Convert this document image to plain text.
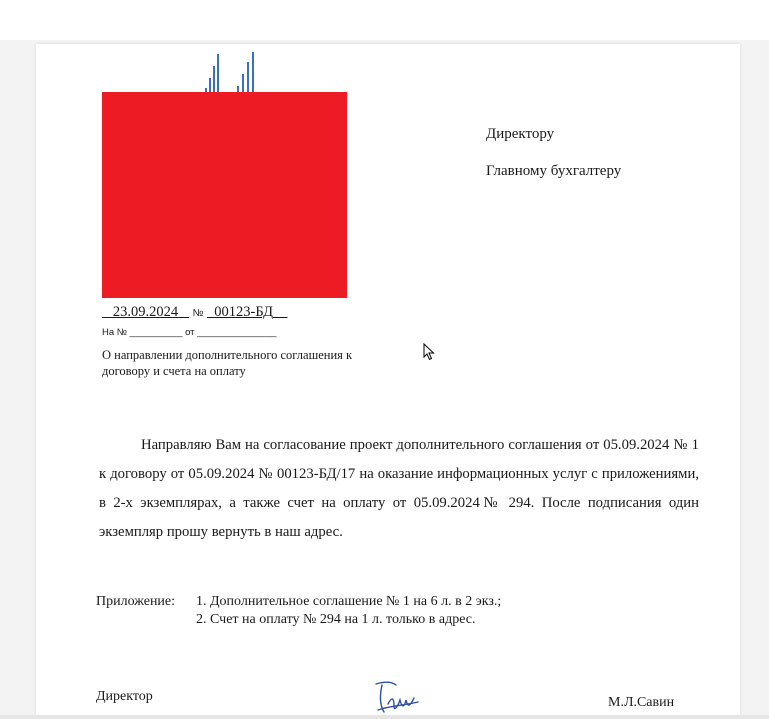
Директору
Главному бухгалтеру
23.09.2024 № 00123-БД
На № __________ от _______________
О направлении дополнительного соглашения к договору и счета на оплату
Направляю Вам на согласование проект дополнительного соглашения от 05.09.2024 № 1 к договору от 05.09.2024 № 00123-БД/17 на оказание информационных услуг с приложениями, в 2-х экземплярах, а также счет на оплату от 05.09.2024№ 294. После подписания один экземпляр прошу вернуть в наш адрес.
Приложение: 1. Дополнительное соглашение № 1 на 6 л. в 2 экз.;
2. Счет на оплату № 294 на 1 л. только в адрес.
Директор	М.Л.Савин
